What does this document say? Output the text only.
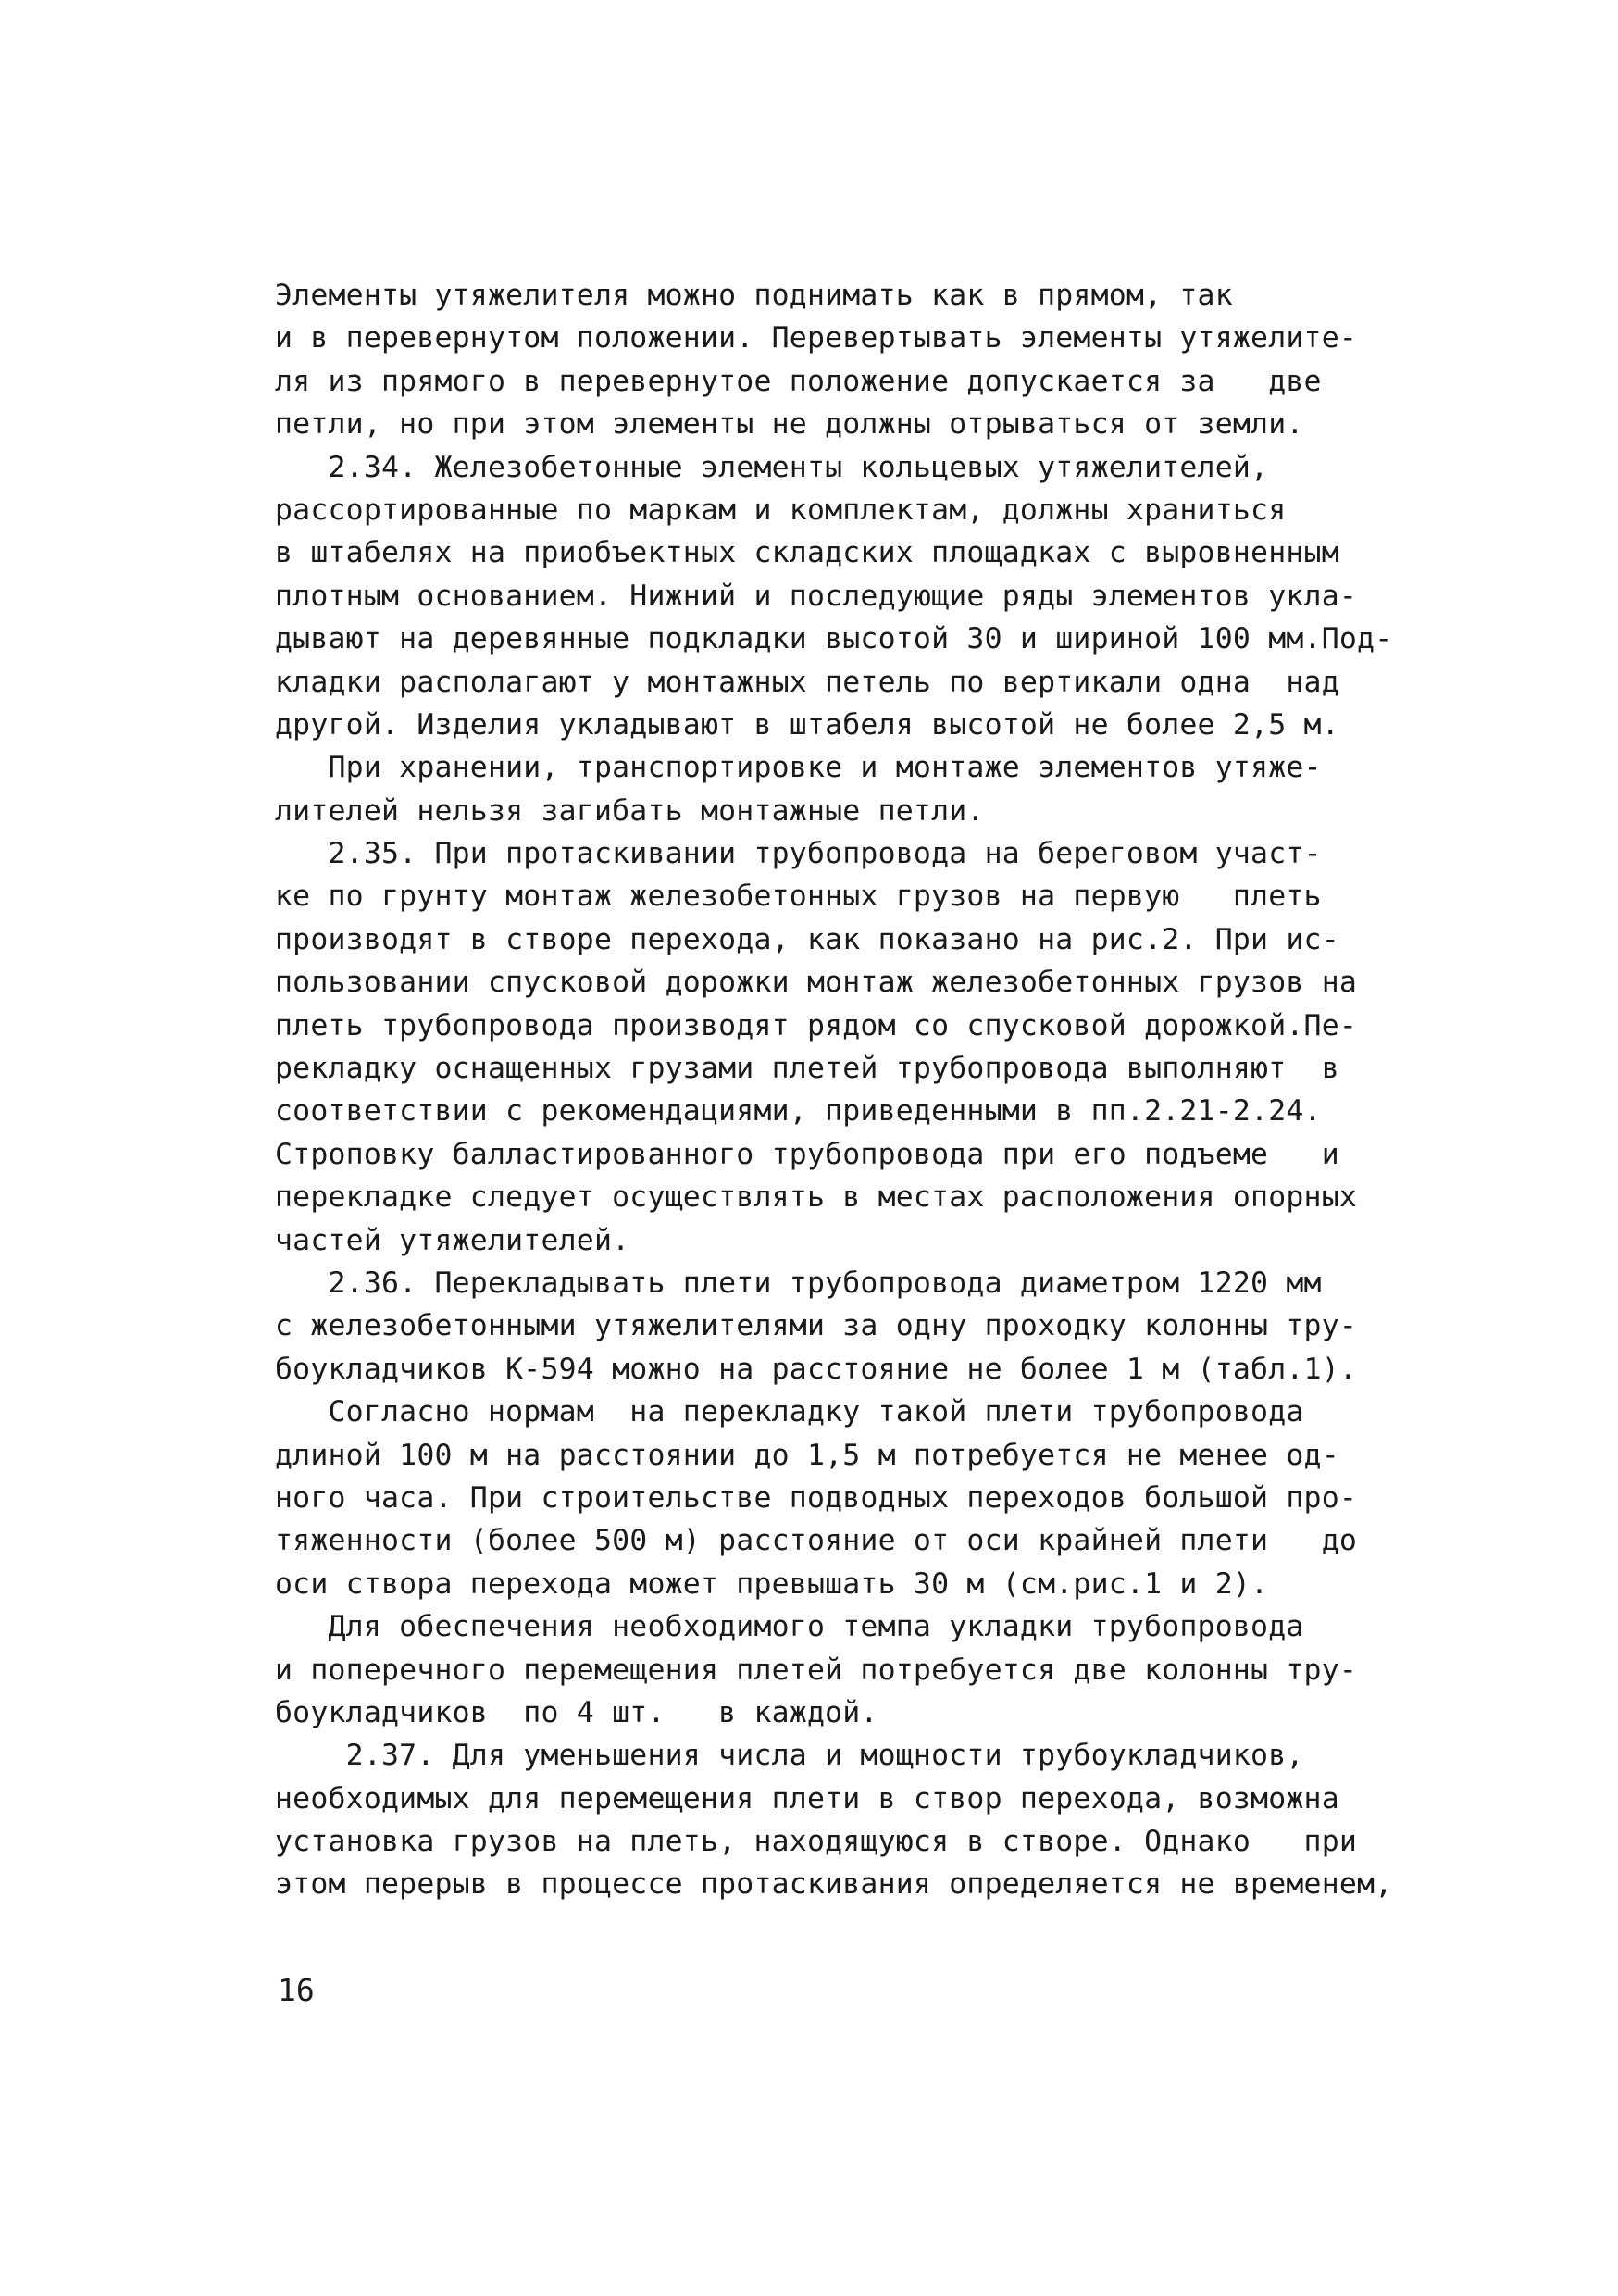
Элементы утяжелителя можно поднимать как в прямом, так
и в перевернутом положении. Перевертывать элементы утяжелите-
ля из прямого в перевернутое положение допускается за   две
петли, но при этом элементы не должны отрываться от земли.
2.34. Железобетонные элементы кольцевых утяжелителей,
рассортированные по маркам и комплектам, должны храниться
в штабелях на приобъектных складских площадках с выровненным
плотным основанием. Нижний и последующие ряды элементов укла-
дывают на деревянные подкладки высотой 30 и шириной 100 мм.Под-
кладки располагают у монтажных петель по вертикали одна  над
другой. Изделия укладывают в штабеля высотой не более 2,5 м.
При хранении, транспортировке и монтаже элементов утяже-
лителей нельзя загибать монтажные петли.
2.35. При протаскивании трубопровода на береговом участ-
ке по грунту монтаж железобетонных грузов на первую   плеть
производят в створе перехода, как показано на рис.2. При ис-
пользовании спусковой дорожки монтаж железобетонных грузов на
плеть трубопровода производят рядом со спусковой дорожкой.Пе-
рекладку оснащенных грузами плетей трубопровода выполняют  в
соответствии с рекомендациями, приведенными в пп.2.21-2.24.
Строповку балластированного трубопровода при его подъеме   и
перекладке следует осуществлять в местах расположения опорных
частей утяжелителей.
2.36. Перекладывать плети трубопровода диаметром 1220 мм
с железобетонными утяжелителями за одну проходку колонны тру-
боукладчиков К-594 можно на расстояние не более 1 м (табл.1).
Согласно нормам  на перекладку такой плети трубопровода
длиной 100 м на расстоянии до 1,5 м потребуется не менее од-
ного часа. При строительстве подводных переходов большой про-
тяженности (более 500 м) расстояние от оси крайней плети   до
оси створа перехода может превышать 30 м (см.рис.1 и 2).
Для обеспечения необходимого темпа укладки трубопровода
и поперечного перемещения плетей потребуется две колонны тру-
боукладчиков  по 4 шт.   в каждой.
2.37. Для уменьшения числа и мощности трубоукладчиков,
необходимых для перемещения плети в створ перехода, возможна
установка грузов на плеть, находящуюся в створе. Однако   при
этом перерыв в процессе протаскивания определяется не временем,
16
